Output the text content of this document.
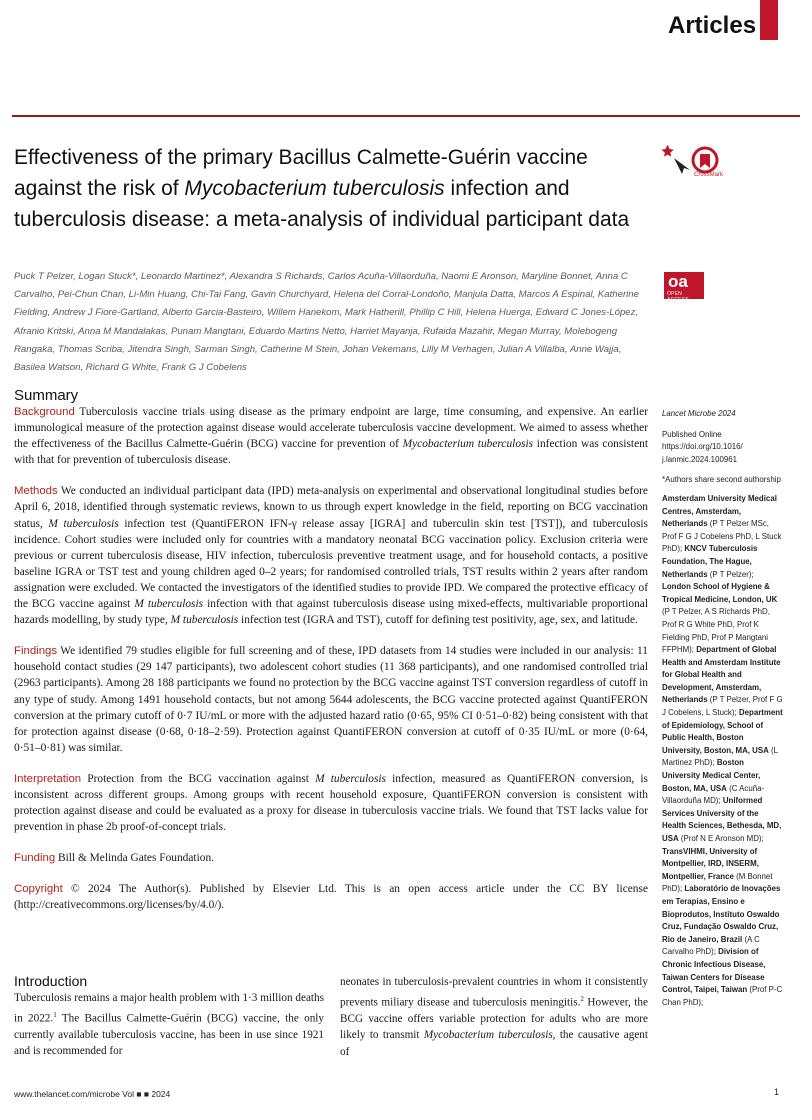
Articles
Effectiveness of the primary Bacillus Calmette-Guérin vaccine against the risk of Mycobacterium tuberculosis infection and tuberculosis disease: a meta-analysis of individual participant data
CrossMark
oa
OPEN ACCESS
Puck T Pelzer, Logan Stuck*, Leonardo Martinez*, Alexandra S Richards, Carlos Acuña-Villaorduña, Naomi E Aronson, Maryline Bonnet, Anna C Carvalho, Pei-Chun Chan, Li-Min Huang, Chi-Tai Fang, Gavin Churchyard, Helena del Corral-Londoño, Manjula Datta, Marcos A Espinal, Katherine Fielding, Andrew J Fiore-Gartland, Alberto Garcia-Basteiro, Willem Hanekom, Mark Hatherill, Phillip C Hill, Helena Huerga, Edward C Jones-López, Afranio Kritski, Anna M Mandalakas, Punam Mangtani, Eduardo Martins Netto, Harriet Mayanja, Rufaida Mazahir, Megan Murray, Molebogeng Rangaka, Thomas Scriba, Jitendra Singh, Sarman Singh, Catherine M Stein, Johan Vekemans, Lilly M Verhagen, Julian A Villalba, Anne Wajja, Basilea Watson, Richard G White, Frank G J Cobelens
Summary

Background Tuberculosis vaccine trials using disease as the primary endpoint are large, time consuming, and expensive. An earlier immunological measure of the protection against disease would accelerate tuberculosis vaccine development. We aimed to assess whether the effectiveness of the Bacillus Calmette-Guérin (BCG) vaccine for prevention of Mycobacterium tuberculosis infection was consistent with that for prevention of tuberculosis disease.

Methods We conducted an individual participant data (IPD) meta-analysis on experimental and observational longitudinal studies before April 6, 2018, identified through systematic reviews, known to us through expert knowledge in the field, reporting on BCG vaccination status, M tuberculosis infection test (QuantiFERON IFN-γ release assay [IGRA] and tuberculin skin test [TST]), and tuberculosis incidence. Cohort studies were included only for countries with a mandatory neonatal BCG vaccination policy. Exclusion criteria were previous or current tuberculosis disease, HIV infection, tuberculosis preventive treatment usage, and for household contacts, a positive baseline IGRA or TST test and young children aged 0–2 years; for randomised controlled trials, TST results within 2 years after random assignation were excluded. We contacted the investigators of the identified studies to provide IPD. We compared the protective efficacy of the BCG vaccine against M tuberculosis infection with that against tuberculosis disease using mixed-effects, multivariable proportional hazards modelling, by study type, M tuberculosis infection test (IGRA and TST), cutoff for defining test positivity, age, sex, and latitude.

Findings We identified 79 studies eligible for full screening and of these, IPD datasets from 14 studies were included in our analysis: 11 household contact studies (29 147 participants), two adolescent cohort studies (11 368 participants), and one randomised controlled trial (2963 participants). Among 28 188 participants we found no protection by the BCG vaccine against TST conversion regardless of cutoff in any type of study. Among 1491 household contacts, but not among 5644 adolescents, the BCG vaccine protected against QuantiFERON conversion at the primary cutoff of 0·7 IU/mL or more with the adjusted hazard ratio (0·65, 95% CI 0·51–0·82) being consistent with that for protection against disease (0·68, 0·18–2·59). Protection against QuantiFERON conversion at cutoff of 0·35 IU/mL or more (0·64, 0·51–0·81) was similar.

Interpretation Protection from the BCG vaccination against M tuberculosis infection, measured as QuantiFERON conversion, is inconsistent across different groups. Among groups with recent household exposure, QuantiFERON conversion is consistent with protection against disease and could be evaluated as a proxy for disease in tuberculosis vaccine trials. We found that TST lacks value for prevention in phase 2b proof-of-concept trials.

Funding Bill & Melinda Gates Foundation.

Copyright © 2024 The Author(s). Published by Elsevier Ltd. This is an open access article under the CC BY license (http://creativecommons.org/licenses/by/4.0/).

Introduction
Tuberculosis remains a major health problem with 1·3 million deaths in 2022.$^1$ The Bacillus Calmette-Guérin (BCG) vaccine, the only currently available tuberculosis vaccine, has been in use since 1921 and is recommended for
neonates in tuberculosis-prevalent countries in whom it consistently prevents miliary disease and tuberculosis meningitis.$^2$ However, the BCG vaccine offers variable protection for adults who are more likely to transmit Mycobacterium tuberculosis, the causative agent of
Lancet Microbe 2024
Published Online
https://doi.org/10.1016/
j.lanmic.2024.100961
*Authors share second authorship
Amsterdam University Medical Centres, Amsterdam, Netherlands (P T Pelzer MSc, Prof F G J Cobelens PhD, L Stuck PhD); KNCV Tuberculosis Foundation, The Hague, Netherlands (P T Pelzer); London School of Hygiene & Tropical Medicine, London, UK (P T Pelzer, A S Richards PhD, Prof R G White PhD, Prof K Fielding PhD, Prof P Mangtani FFPHM); Department of Global Health and Amsterdam Institute for Global Health and Development, Amsterdam, Netherlands (P T Pelzer, Prof F G J Cobelens, L Stuck); Department of Epidemiology, School of Public Health, Boston University, Boston, MA, USA (L Martinez PhD); Boston University Medical Center, Boston, MA, USA (C Acuña-Villaorduña MD); Uniformed Services University of the Health Sciences, Bethesda, MD, USA (Prof N E Aronson MD); TransVIHMI, University of Montpellier, IRD, INSERM, Montpellier, France (M Bonnet PhD); Laboratório de Inovações em Terapias, Ensino e Bioprodutos, Instituto Oswaldo Cruz, Fundação Oswaldo Cruz, Rio de Janeiro, Brazil (A C Carvalho PhD); Division of Chronic Infectious Disease, Taiwan Centers for Disease Control, Taipei, Taiwan (Prof P-C Chan PhD);
www.thelancet.com/microbe Vol ■ ■ 2024	1
